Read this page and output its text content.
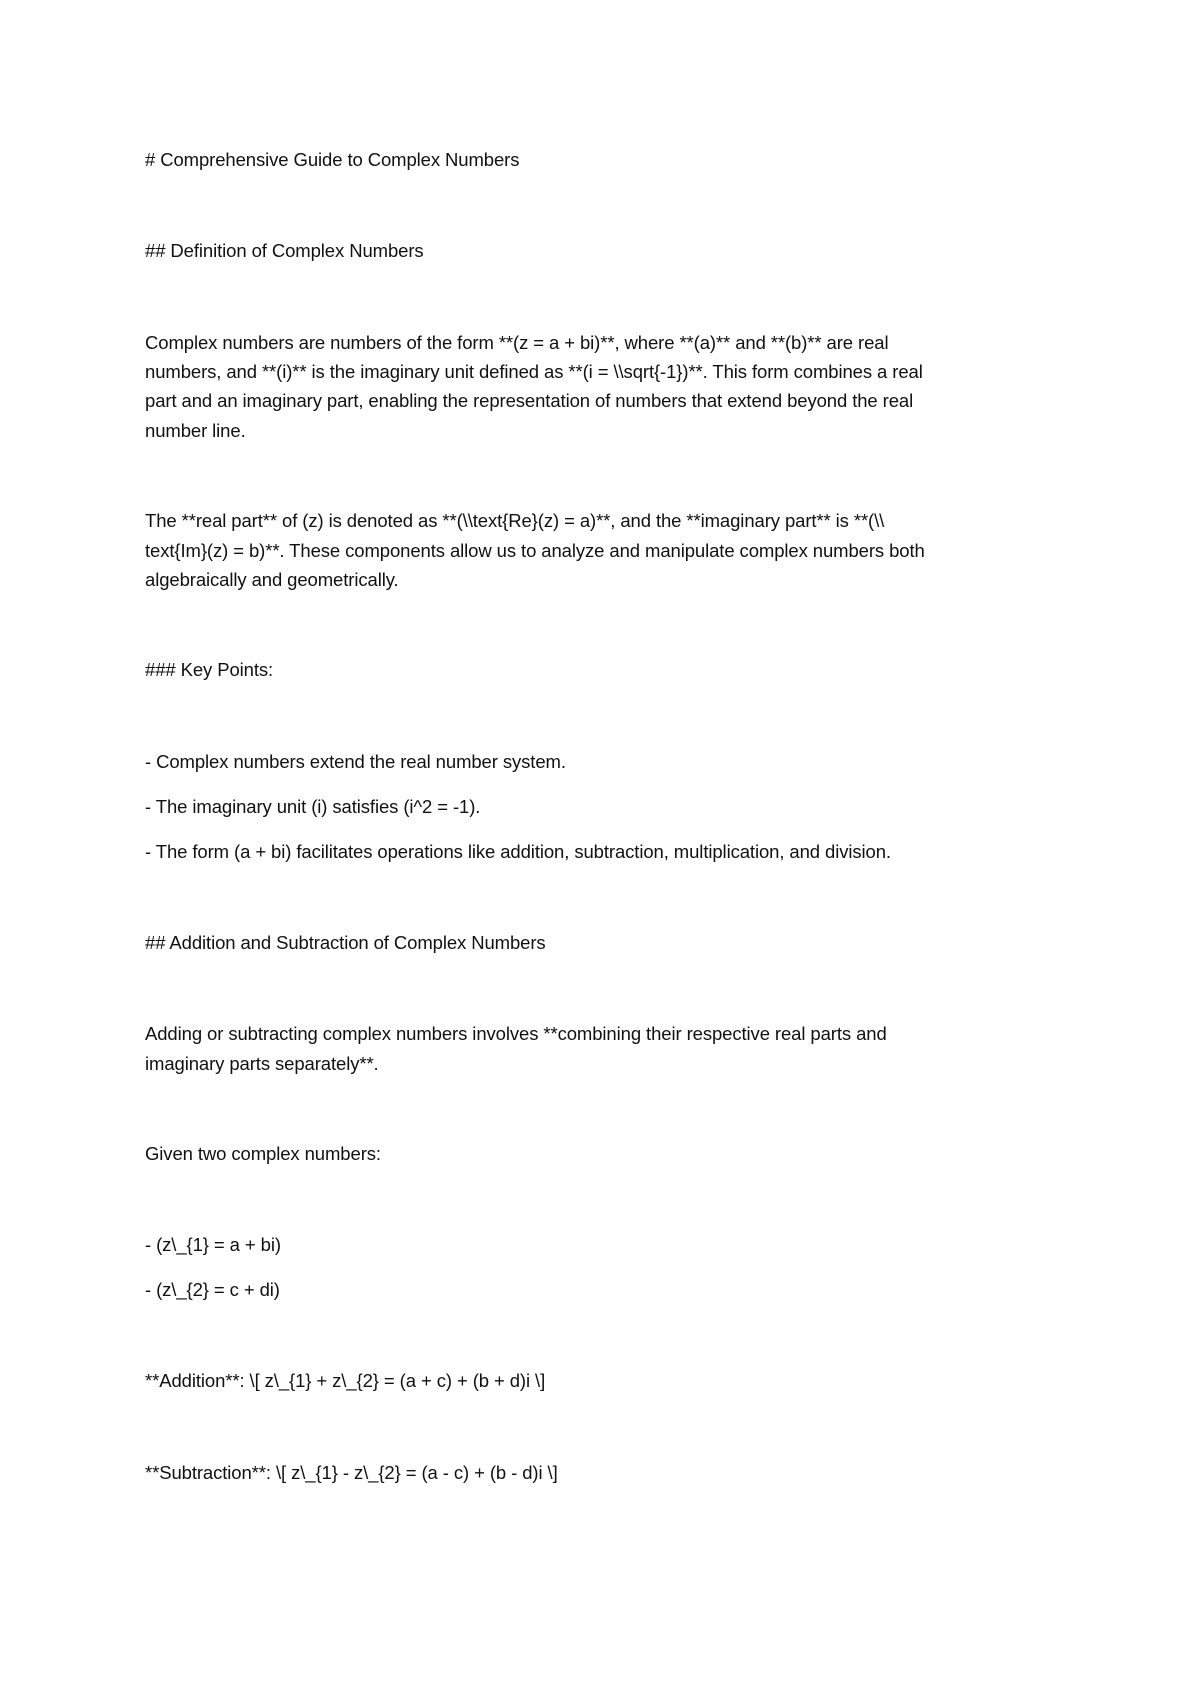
# Comprehensive Guide to Complex Numbers

## Definition of Complex Numbers

Complex numbers are numbers of the form **(z = a + bi)**, where **(a)** and **(b)** are real

numbers, and **(i)** is the imaginary unit defined as **(i = \\sqrt{-1})**. This form combines a real

part and an imaginary part, enabling the representation of numbers that extend beyond the real

number line.

The **real part** of (z) is denoted as **(\\text{Re}(z) = a)**, and the **imaginary part** is **(\\

text{Im}(z) = b)**. These components allow us to analyze and manipulate complex numbers both

algebraically and geometrically.

### Key Points:

- Complex numbers extend the real number system.

- The imaginary unit (i) satisfies (i^2 = -1).

- The form (a + bi) facilitates operations like addition, subtraction, multiplication, and division.

## Addition and Subtraction of Complex Numbers

Adding or subtracting complex numbers involves **combining their respective real parts and

imaginary parts separately**.

Given two complex numbers:

- (z\_{1} = a + bi)

- (z\_{2} = c + di)

**Addition**: \[ z\_{1} + z\_{2} = (a + c) + (b + d)i \]

**Subtraction**: \[ z\_{1} - z\_{2} = (a - c) + (b - d)i \]
